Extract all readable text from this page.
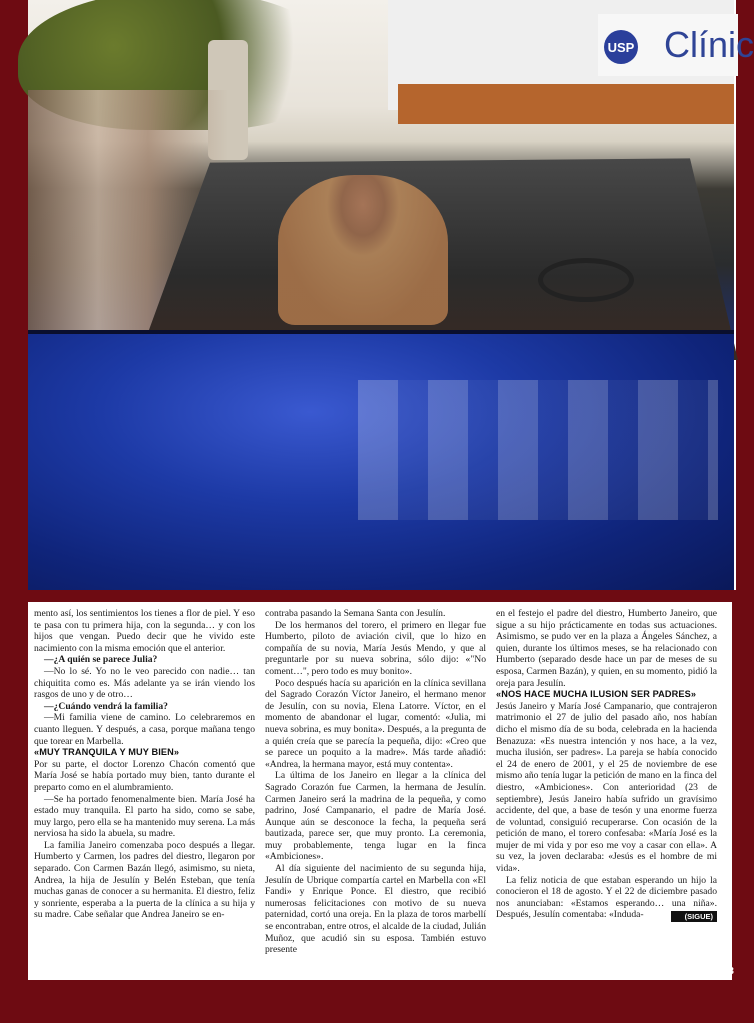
USP Clínic

mento así, los sentimientos los tienes a flor de piel. Y eso te pasa con tu primera hija, con la segunda… y con los hijos que vengan. Puedo decir que he vivido este nacimiento con la misma emoción que el anterior.

—¿A quién se parece Julia?

—No lo sé. Yo no le veo parecido con nadie… tan chiquitita como es. Más adelante ya se irán viendo los rasgos de uno y de otro…

—¿Cuándo vendrá la familia?

—Mi familia viene de camino. Lo celebraremos en cuanto lleguen. Y después, a casa, porque mañana tengo que torear en Marbella.

«MUY TRANQUILA Y MUY BIEN»

Por su parte, el doctor Lorenzo Chacón comentó que María José se había portado muy bien, tanto durante el preparto como en el alumbramiento.

—Se ha portado fenomenalmente bien. María José ha estado muy tranquila. El parto ha sido, como se sabe, muy largo, pero ella se ha mantenido muy serena. La más nerviosa ha sido la abuela, su madre.

La familia Janeiro comenzaba poco después a llegar. Humberto y Carmen, los padres del diestro, llegaron por separado. Con Carmen Bazán llegó, asimismo, su nieta, Andrea, la hija de Jesulín y Belén Esteban, que tenía muchas ganas de conocer a su hermanita. El diestro, feliz y sonriente, esperaba a la puerta de la clínica a su hija y su madre. Cabe señalar que Andrea Janeiro se en-

contraba pasando la Semana Santa con Jesulín.

De los hermanos del torero, el primero en llegar fue Humberto, piloto de aviación civil, que lo hizo en compañía de su novia, María Jesús Mendo, y que al preguntarle por su nueva sobrina, sólo dijo: «"No coment…", pero todo es muy bonito».

Poco después hacía su aparición en la clínica sevillana del Sagrado Corazón Víctor Janeiro, el hermano menor de Jesulín, con su novia, Elena Latorre. Víctor, en el momento de abandonar el lugar, comentó: «Julia, mi nueva sobrina, es muy bonita». Después, a la pregunta de a quién creía que se parecía la pequeña, dijo: «Creo que se parece un poquito a la madre». Más tarde añadió: «Andrea, la hermana mayor, está muy contenta».

La última de los Janeiro en llegar a la clínica del Sagrado Corazón fue Carmen, la hermana de Jesulín. Carmen Janeiro será la madrina de la pequeña, y como padrino, José Campanario, el padre de María José. Aunque aún se desconoce la fecha, la pequeña será bautizada, parece ser, que muy pronto. La ceremonia, muy probablemente, tenga lugar en la finca «Ambiciones».

Al día siguiente del nacimiento de su segunda hija, Jesulín de Ubrique compartía cartel en Marbella con «El Fandi» y Enrique Ponce. El diestro, que recibió numerosas felicitaciones con motivo de su nueva paternidad, cortó una oreja. En la plaza de toros marbellí se encontraban, entre otros, el alcalde de la ciudad, Julián Muñoz, que acudió sin su esposa. También estuvo presente

en el festejo el padre del diestro, Humberto Janeiro, que sigue a su hijo prácticamente en todas sus actuaciones. Asimismo, se pudo ver en la plaza a Ángeles Sánchez, a quien, durante los últimos meses, se ha relacionado con Humberto (separado desde hace un par de meses de su esposa, Carmen Bazán), y quien, en su momento, pidió la oreja para Jesulín.

«NOS HACE MUCHA ILUSION SER PADRES»

Jesús Janeiro y María José Campanario, que contrajeron matrimonio el 27 de julio del pasado año, nos habían dicho el mismo día de su boda, celebrada en la hacienda Benazuza: «Es nuestra intención y nos hace, a la vez, mucha ilusión, ser padres». La pareja se había conocido el 24 de enero de 2001, y el 25 de noviembre de ese mismo año tenía lugar la petición de mano en la finca del diestro, «Ambiciones». Con anterioridad (23 de septiembre), Jesús Janeiro había sufrido un gravísimo accidente, del que, a base de tesón y una enorme fuerza de voluntad, consiguió recuperarse. Con ocasión de la petición de mano, el torero confesaba: «María José es la mujer de mi vida y por eso me voy a casar con ella». A su vez, la joven declaraba: «Jesús es el hombre de mi vida».

La feliz noticia de que estaban esperando un hijo la conocieron el 18 de agosto. Y el 22 de diciembre pasado nos anunciaban: «Estamos esperando… una niña». Después, Jesulín comentaba: «Induda-	(SIGUE)

103
